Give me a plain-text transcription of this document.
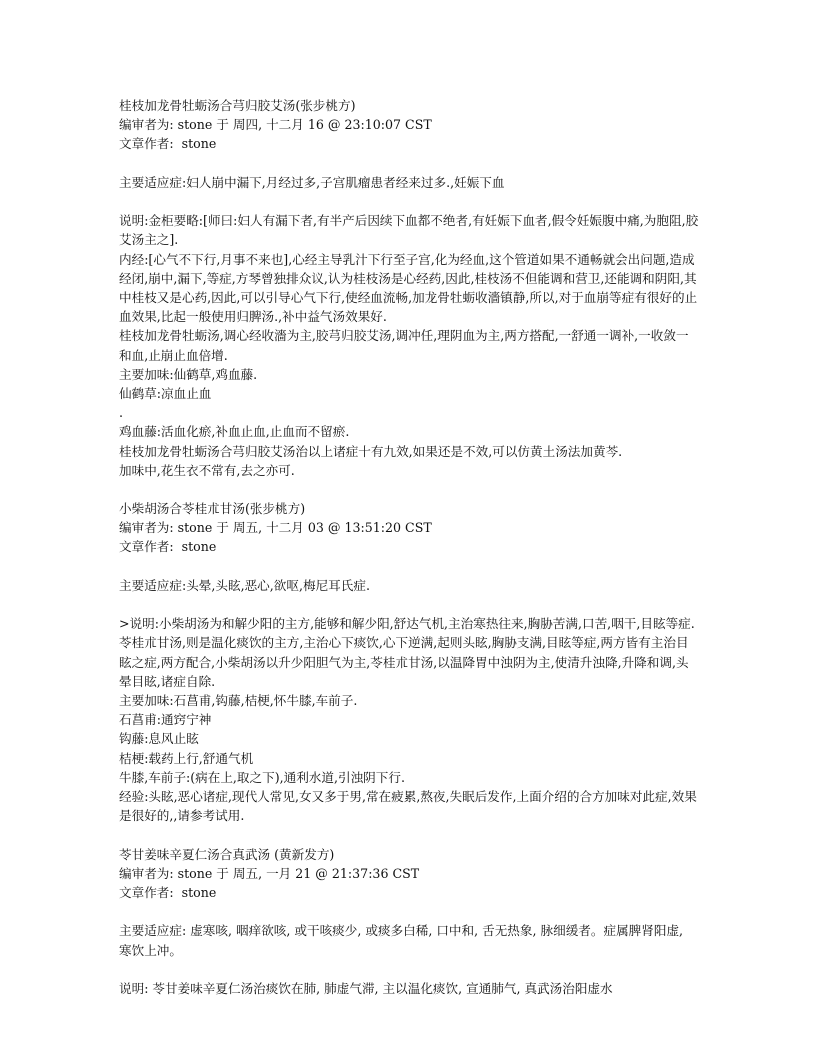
桂枝加龙骨牡蛎汤合芎归胶艾汤(张步桃方)
编审者为: stone 于 周四, 十二月 16 @ 23:10:07 CST
文章作者:  stone
主要适应症:妇人崩中漏下,月经过多,子宫肌瘤患者经来过多.,妊娠下血
说明:金柜要略:[师曰:妇人有漏下者,有半产后因续下血都不绝者,有妊娠下血者,假令妊娠腹中痛,为胞阻,胶艾汤主之].
内经:[心气不下行,月事不来也],心经主导乳汁下行至子宫,化为经血,这个管道如果不通畅就会出问题,造成经闭,崩中,漏下,等症,方琴曾独排众议,认为桂枝汤是心经药,因此,桂枝汤不但能调和营卫,还能调和阴阳,其中桂枝又是心药,因此,可以引导心气下行,使经血流畅,加龙骨牡蛎收濇镇静,所以,对于血崩等症有很好的止血效果,比起一般使用归脾汤.,补中益气汤效果好.
桂枝加龙骨牡蛎汤,调心经收濇为主,胶芎归胶艾汤,调冲任,理阴血为主,两方搭配,一舒通一调补,一收敛一和血,止崩止血倍增.
主要加味:仙鹤草,鸡血藤.
仙鹤草:凉血止血
.
鸡血藤:活血化瘀,补血止血,止血而不留瘀.
桂枝加龙骨牡蛎汤合芎归胶艾汤治以上诸症十有九效,如果还是不效,可以仿黄土汤法加黄芩.
加味中,花生衣不常有,去之亦可.
小柴胡汤合苓桂朮甘汤(张步桃方)
编审者为: stone 于 周五, 十二月 03 @ 13:51:20 CST
文章作者:  stone
主要适应症:头晕,头眩,恶心,欲呕,梅尼耳氏症.
>说明:小柴胡汤为和解少阳的主方,能够和解少阳,舒达气机,主治寒热往来,胸胁苦满,口苦,咽干,目眩等症.苓桂朮甘汤,则是温化痰饮的主方,主治心下痰饮,心下逆满,起则头眩,胸胁支满,目眩等症,两方皆有主治目眩之症,两方配合,小柴胡汤以升少阳胆气为主,苓桂朮甘汤,以温降胃中浊阴为主,使清升浊降,升降和调,头晕目眩,诸症自除.
主要加味:石菖甫,钩藤,桔梗,怀牛膝,车前子.
石菖甫:通窍宁神
钩藤:息风止眩
桔梗:载药上行,舒通气机
牛膝,车前子:(病在上,取之下),通利水道,引浊阴下行.
经验:头眩,恶心诸症,现代人常见,女又多于男,常在疲累,熬夜,失眠后发作,上面介绍的合方加味对此症,效果是很好的,,请参考试用.
苓甘姜味辛夏仁汤合真武汤 (黄新发方)
编审者为: stone 于 周五, 一月 21 @ 21:37:36 CST
文章作者:  stone
主要适应症: 虚寒咳, 咽痒欲咳, 或干咳痰少, 或痰多白稀, 口中和, 舌无热象, 脉细缓者。症属脾肾阳虚, 寒饮上冲。
说明: 苓甘姜味辛夏仁汤治痰饮在肺, 肺虚气滞, 主以温化痰饮, 宣通肺气, 真武汤治阳虚水
